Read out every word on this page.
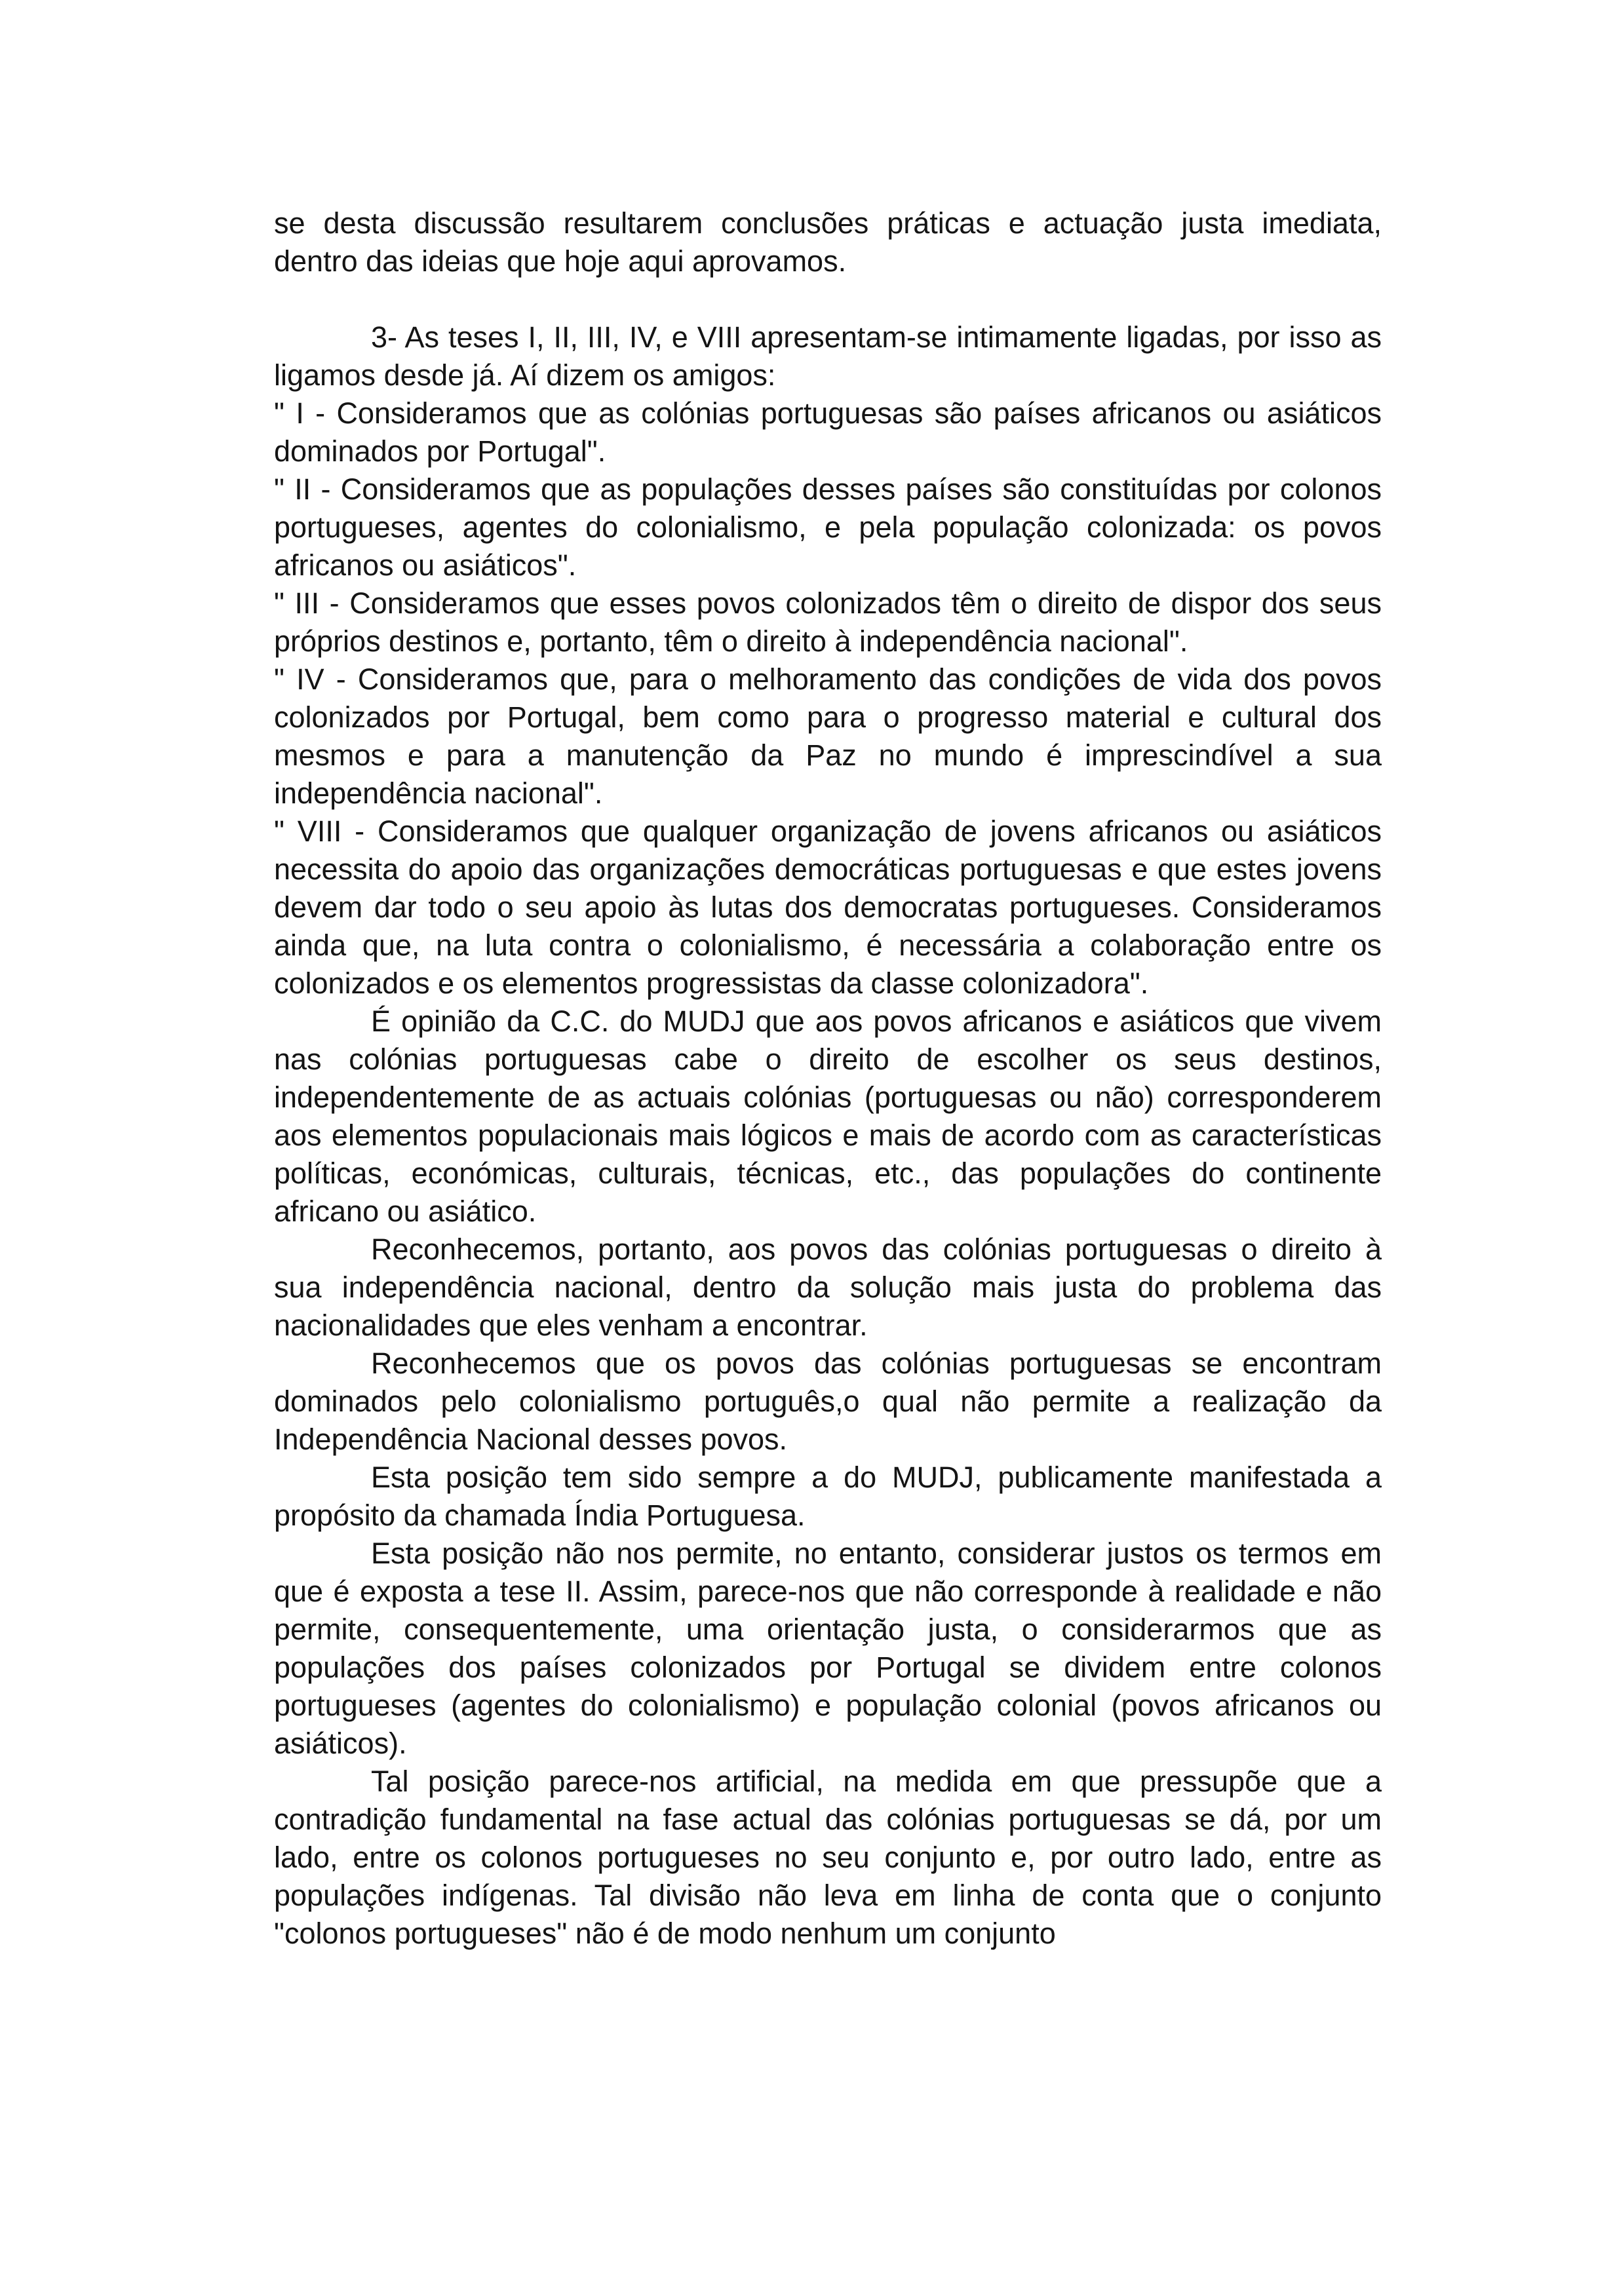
se desta discussão resultarem conclusões práticas e actuação justa imediata, dentro das ideias que hoje aqui aprovamos.

3- As teses I, II, III, IV, e VIII apresentam-se intimamente ligadas, por isso as ligamos desde já. Aí dizem os amigos:

" I - Consideramos que as colónias portuguesas são países africanos ou asiáticos dominados por Portugal".

" II - Consideramos que as populações desses países são constituídas por colonos portugueses, agentes do colonialismo, e pela população colonizada: os povos africanos ou asiáticos".

" III - Consideramos que esses povos colonizados têm o direito de dispor dos seus próprios destinos e, portanto, têm o direito à independência nacional".

" IV - Consideramos que, para o melhoramento das condições de vida dos povos colonizados por Portugal, bem como para o progresso material e cultural dos mesmos e para a manutenção da Paz no mundo é imprescindível a sua independência nacional".

" VIII - Consideramos que qualquer organização de jovens africanos ou asiáticos necessita do apoio das organizações democráticas portuguesas e que estes jovens devem dar todo o seu apoio às lutas dos democratas portugueses. Consideramos ainda que, na luta contra o colonialismo, é necessária a colaboração entre os colonizados e os elementos progressistas da classe colonizadora".

É opinião da C.C. do MUDJ que aos povos africanos e asiáticos que vivem nas colónias portuguesas cabe o direito de escolher os seus destinos, independentemente de as actuais colónias (portuguesas ou não) corresponderem aos elementos populacionais mais lógicos e mais de acordo com as características políticas, económicas, culturais, técnicas, etc., das populações do continente africano ou asiático.

Reconhecemos, portanto, aos povos das colónias portuguesas o direito à sua independência nacional, dentro da solução mais justa do problema das nacionalidades que eles venham a encontrar.

Reconhecemos que os povos das colónias portuguesas se encontram dominados pelo colonialismo português,o qual não permite a realização da Independência Nacional desses povos.

Esta posição tem sido sempre a do MUDJ, publicamente manifestada a propósito da chamada Índia Portuguesa.

Esta posição não nos permite, no entanto, considerar justos os termos em que é exposta a tese II. Assim, parece-nos que não corresponde à realidade e não permite, consequentemente, uma orientação justa, o considerarmos que as populações dos países colonizados por Portugal se dividem entre colonos portugueses (agentes do colonialismo) e população colonial (povos africanos ou asiáticos).

Tal posição parece-nos artificial, na medida em que pressupõe que a contradição fundamental na fase actual das colónias portuguesas se dá, por um lado, entre os colonos portugueses no seu conjunto e, por outro lado, entre as populações indígenas. Tal divisão não leva em linha de conta que o conjunto "colonos portugueses" não é de modo nenhum um conjunto
